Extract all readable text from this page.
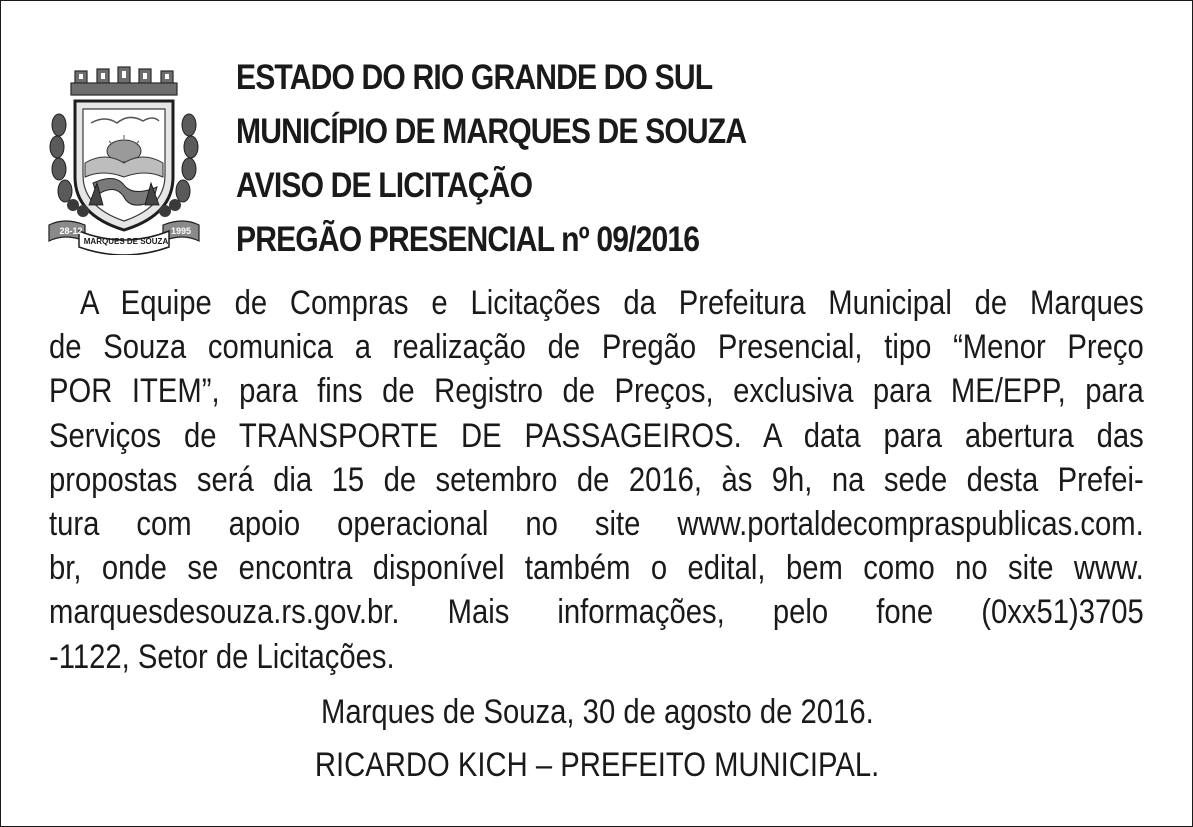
28-12	1995
MARQUES DE SOUZA
ESTADO DO RIO GRANDE DO SUL
MUNICÍPIO DE MARQUES DE SOUZA
AVISO DE LICITAÇÃO
PREGÃO PRESENCIAL nº 09/2016
A Equipe de Compras e Licitações da Prefeitura Municipal de Marques
de Souza comunica a realização de Pregão Presencial, tipo “Menor Preço
POR ITEM”, para fins de Registro de Preços, exclusiva para ME/EPP, para
Serviços de TRANSPORTE DE PASSAGEIROS. A data para abertura das
propostas será dia 15 de setembro de 2016, às 9h, na sede desta Prefei-
tura com apoio operacional no site www.portaldecompraspublicas.com.
br, onde se encontra disponível também o edital, bem como no site www.
marquesdesouza.rs.gov.br. Mais informações, pelo fone (0xx51)3705
-1122, Setor de Licitações.
Marques de Souza, 30 de agosto de 2016.
RICARDO KICH – PREFEITO MUNICIPAL.
